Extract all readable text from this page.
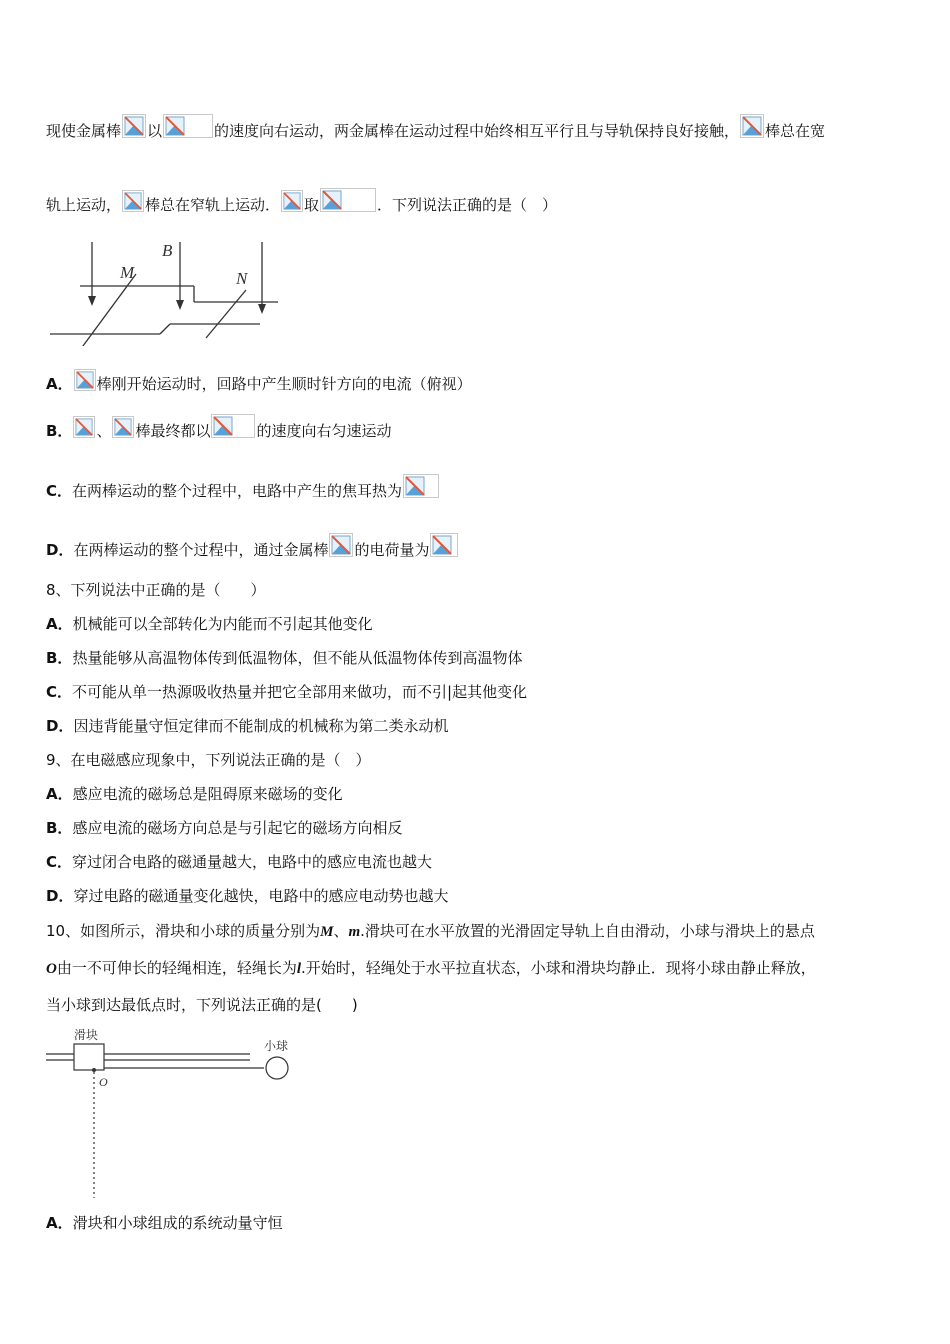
现使金属棒 以	的速度向右运动，两金属棒在运动过程中始终相互平行且与导轨保持良好接触， 棒总在宽
轨上运动， 棒总在窄轨上运动． 取	．下列说法正确的是（　）
M
B
N
A． 棒刚开始运动时，回路中产生顺时针方向的电流（俯视）
B． 、 棒最终都以	的速度向右匀速运动
C．在两棒运动的整个过程中，电路中产生的焦耳热为
D．在两棒运动的整个过程中，通过金属棒 的电荷量为
8、下列说法中正确的是（　　）
A．机械能可以全部转化为内能而不引起其他变化
B．热量能够从高温物体传到低温物体，但不能从低温物体传到高温物体
C．不可能从单一热源吸收热量并把它全部用来做功，而不引|起其他变化
D．因违背能量守恒定律而不能制成的机械称为第二类永动机
9、在电磁感应现象中，下列说法正确的是（　）
A．感应电流的磁场总是阻碍原来磁场的变化
B．感应电流的磁场方向总是与引起它的磁场方向相反
C．穿过闭合电路的磁通量越大，电路中的感应电流也越大
D．穿过电路的磁通量变化越快，电路中的感应电动势也越大
10、如图所示，滑块和小球的质量分别为M、m.滑块可在水平放置的光滑固定导轨上自由滑动，小球与滑块上的悬点
O由一不可伸长的轻绳相连，轻绳长为l.开始时，轻绳处于水平拉直状态，小球和滑块均静止．现将小球由静止释放，
当小球到达最低点时，下列说法正确的是(　　)
滑块
小球
O
A．滑块和小球组成的系统动量守恒
